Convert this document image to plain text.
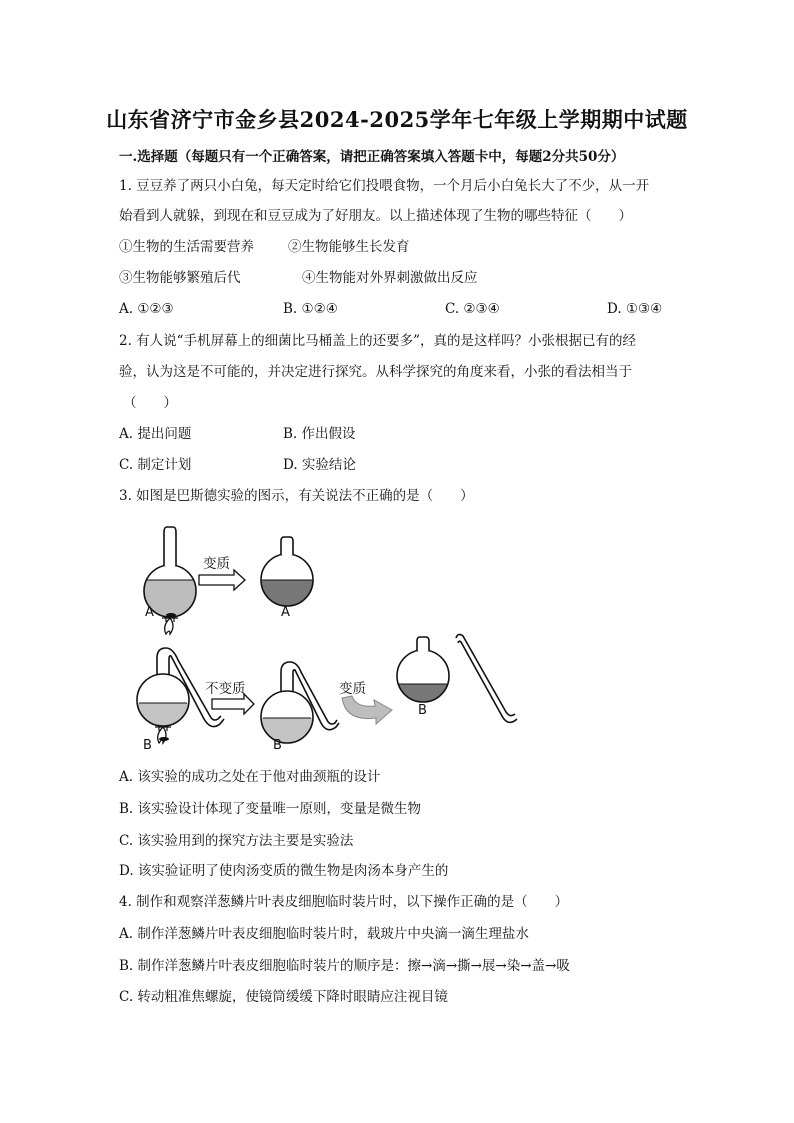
山东省济宁市金乡县2024-2025学年七年级上学期期中试题
一.选择题（每题只有一个正确答案，请把正确答案填入答题卡中，每题2分共50分）
1. 豆豆养了两只小白兔，每天定时给它们投喂食物，一个月后小白兔长大了不少，从一开
始看到人就躲，到现在和豆豆成为了好朋友。以上描述体现了生物的哪些特征（　　）
①生物的生活需要营养	②生物能够生长发育
③生物能够繁殖后代	④生物能对外界刺激做出反应
A. ①②③	B. ①②④	C. ②③④	D. ①③④
2. 有人说“手机屏幕上的细菌比马桶盖上的还要多”，真的是这样吗？小张根据已有的经
验，认为这是不可能的，并决定进行探究。从科学探究的角度来看，小张的看法相当于
（　　）
A. 提出问题	B. 作出假设
C. 制定计划	D. 实验结论
3. 如图是巴斯德实验的图示，有关说法不正确的是（　　）
A
变质
A
B
不变质
B
变质
B
A. 该实验的成功之处在于他对曲颈瓶的设计
B. 该实验设计体现了变量唯一原则，变量是微生物
C. 该实验用到的探究方法主要是实验法
D. 该实验证明了使肉汤变质的微生物是肉汤本身产生的
4. 制作和观察洋葱鳞片叶表皮细胞临时装片时，以下操作正确的是（　　）
A. 制作洋葱鳞片叶表皮细胞临时装片时，载玻片中央滴一滴生理盐水
B. 制作洋葱鳞片叶表皮细胞临时装片的顺序是：擦→滴→撕→展→染→盖→吸
C. 转动粗准焦螺旋，使镜筒缓缓下降时眼睛应注视目镜
